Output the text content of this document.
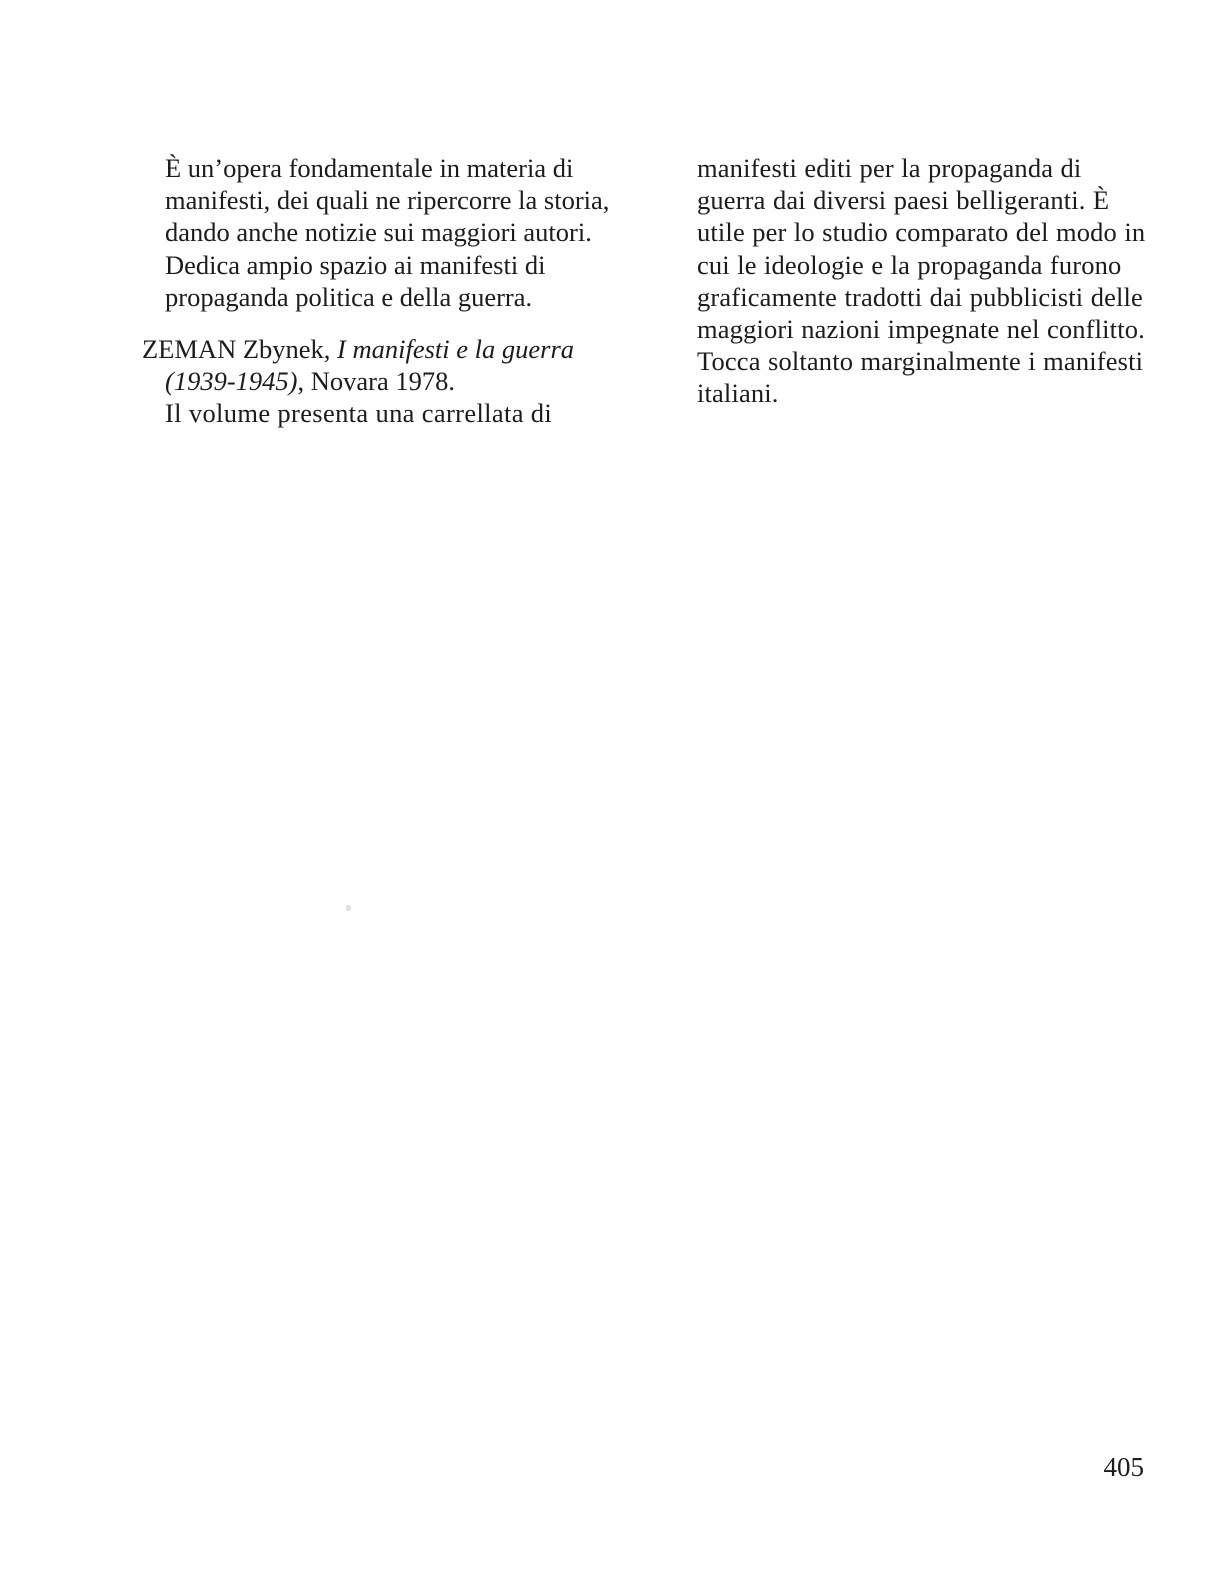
È un’opera fondamentale in materia di manifesti, dei quali ne ripercorre la storia, dando anche notizie sui maggiori autori. Dedica ampio spazio ai manifesti di propaganda politica e della guerra.

ZEMAN Zbynek, I manifesti e la guerra (1939-1945), Novara 1978.
Il volume presenta una carrellata di

manifesti editi per la propaganda di guerra dai diversi paesi belligeranti. È utile per lo studio comparato del modo in cui le ideologie e la propaganda furono graficamente tradotti dai pubblicisti delle maggiori nazioni impegnate nel conflitto. Tocca soltanto marginalmente i manifesti italiani.

405
